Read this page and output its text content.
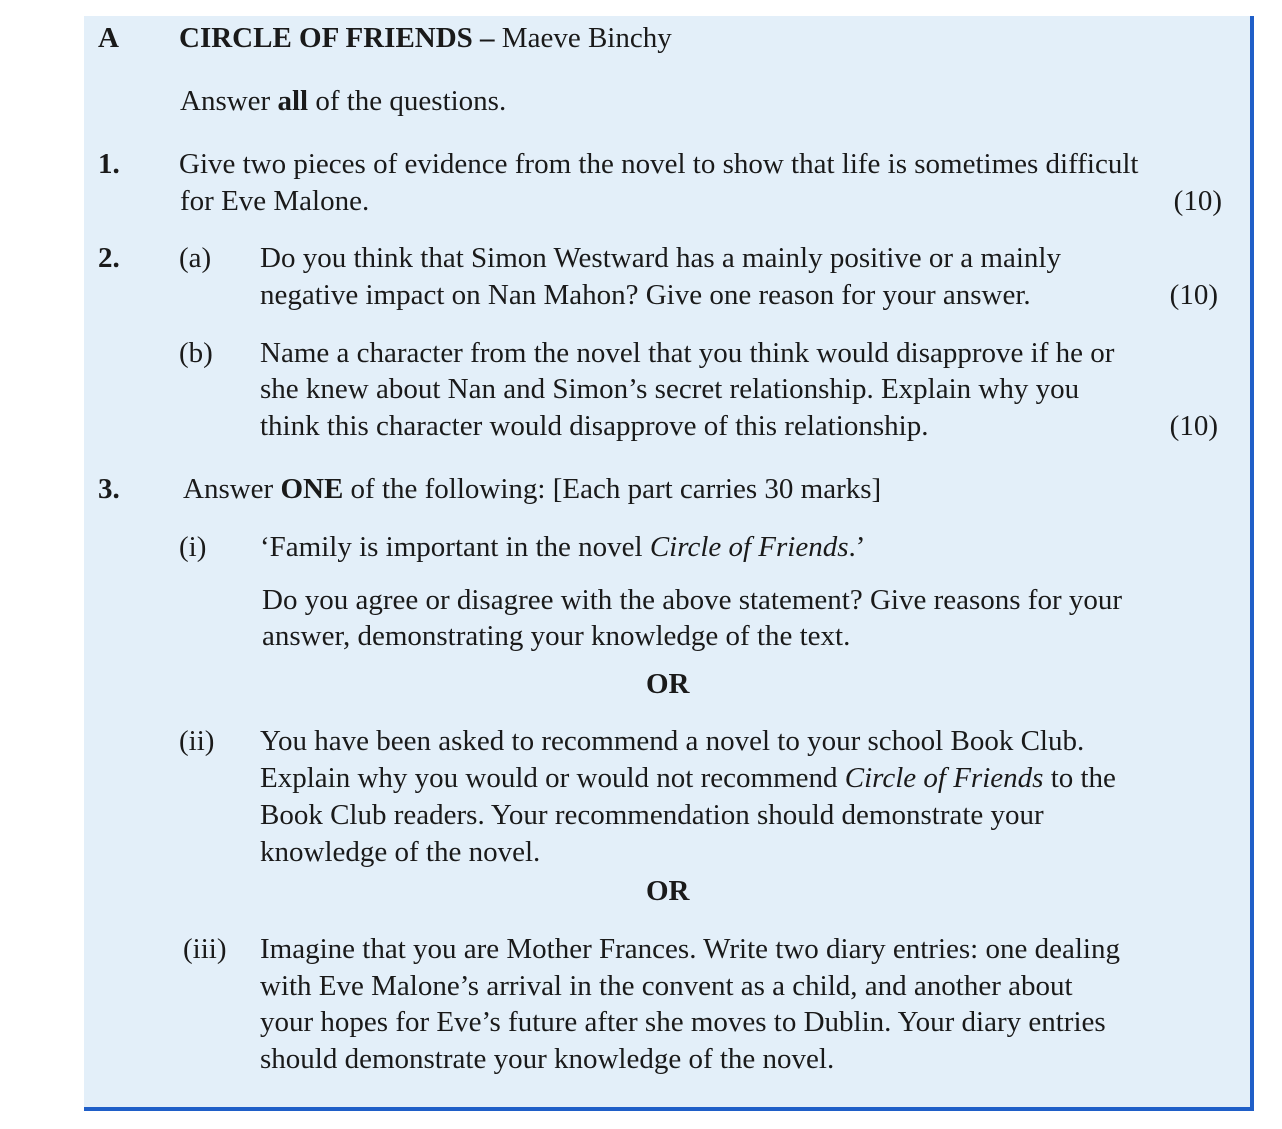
A CIRCLE OF FRIENDS – Maeve Binchy
Answer all of the questions.
1. Give two pieces of evidence from the novel to show that life is sometimes difficult
for Eve Malone.	(10)
2. (a) Do you think that Simon Westward has a mainly positive or a mainly
negative impact on Nan Mahon? Give one reason for your answer.	(10)
(b) Name a character from the novel that you think would disapprove if he or
she knew about Nan and Simon’s secret relationship. Explain why you
think this character would disapprove of this relationship.	(10)
3. Answer ONE of the following: [Each part carries 30 marks]
(i) ‘Family is important in the novel Circle of Friends.’
Do you agree or disagree with the above statement? Give reasons for your
answer, demonstrating your knowledge of the text.
OR
(ii) You have been asked to recommend a novel to your school Book Club.
Explain why you would or would not recommend Circle of Friends to the
Book Club readers. Your recommendation should demonstrate your
knowledge of the novel.
OR
(iii) Imagine that you are Mother Frances. Write two diary entries: one dealing
with Eve Malone’s arrival in the convent as a child, and another about
your hopes for Eve’s future after she moves to Dublin. Your diary entries
should demonstrate your knowledge of the novel.
